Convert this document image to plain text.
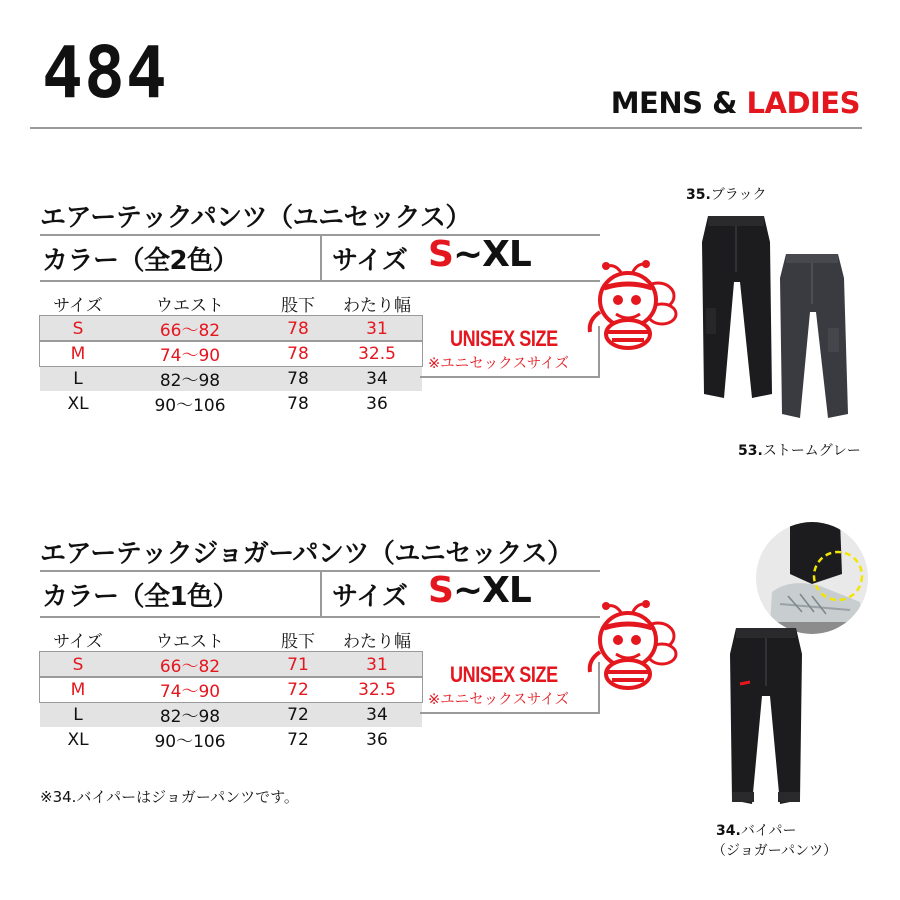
484	MENS & LADIES
エアーテックパンツ（ユニセックス）
カラー（全2色）	サイズ S~XL
サイズ	ウエスト	股下	わたり幅
S	66〜82	78	31
M	74〜90	78	32.5
L	82〜98	78	34
XL	90〜106	78	36
UNISEX SIZE
※ユニセックスサイズ
35.ブラック
53.ストームグレー
エアーテックジョガーパンツ（ユニセックス）
カラー（全1色）	サイズ S~XL
サイズ	ウエスト	股下	わたり幅
S	66〜82	71	31
M	74〜90	72	32.5
L	82〜98	72	34
XL	90〜106	72	36
UNISEX SIZE
※ユニセックスサイズ
※34.バイパーはジョガーパンツです。
34.バイパー
（ジョガーパンツ）
